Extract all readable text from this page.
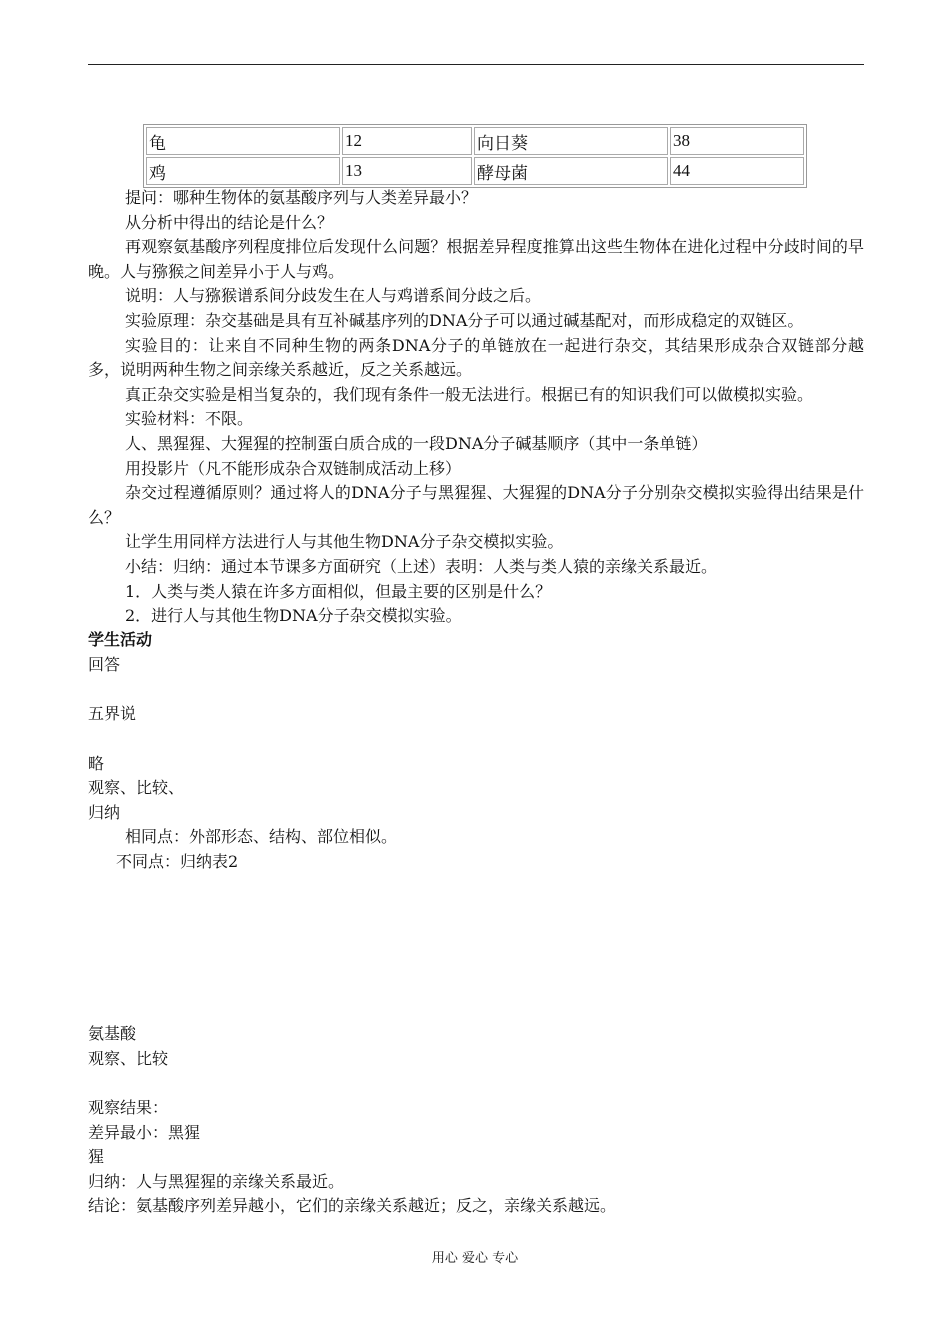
龟	12	向日葵	38
鸡	13	酵母菌	44

提问：哪种生物体的氨基酸序列与人类差异最小？

从分析中得出的结论是什么？

再观察氨基酸序列程度排位后发现什么问题？根据差异程度推算出这些生物体在进化过程中分歧时间的早晚。人与猕猴之间差异小于人与鸡。

说明：人与猕猴谱系间分歧发生在人与鸡谱系间分歧之后。

实验原理：杂交基础是具有互补碱基序列的DNA分子可以通过碱基配对，而形成稳定的双链区。

实验目的：让来自不同种生物的两条DNA分子的单链放在一起进行杂交，其结果形成杂合双链部分越多，说明两种生物之间亲缘关系越近，反之关系越远。

真正杂交实验是相当复杂的，我们现有条件一般无法进行。根据已有的知识我们可以做模拟实验。

实验材料：不限。

人、黑猩猩、大猩猩的控制蛋白质合成的一段DNA分子碱基顺序（其中一条单链）

用投影片（凡不能形成杂合双链制成活动上移）

杂交过程遵循原则？通过将人的DNA分子与黑猩猩、大猩猩的DNA分子分别杂交模拟实验得出结果是什么？

让学生用同样方法进行人与其他生物DNA分子杂交模拟实验。

小结：归纳：通过本节课多方面研究（上述）表明：人类与类人猿的亲缘关系最近。

1．人类与类人猿在许多方面相似，但最主要的区别是什么？

2．进行人与其他生物DNA分子杂交模拟实验。

学生活动

回答

五界说

略

观察、比较、

归纳

相同点：外部形态、结构、部位相似。

不同点：归纳表2

氨基酸

观察、比较

观察结果：

差异最小：黑猩

猩

归纳：人与黑猩猩的亲缘关系最近。

结论：氨基酸序列差异越小，它们的亲缘关系越近；反之，亲缘关系越远。

用心 爱心 专心
